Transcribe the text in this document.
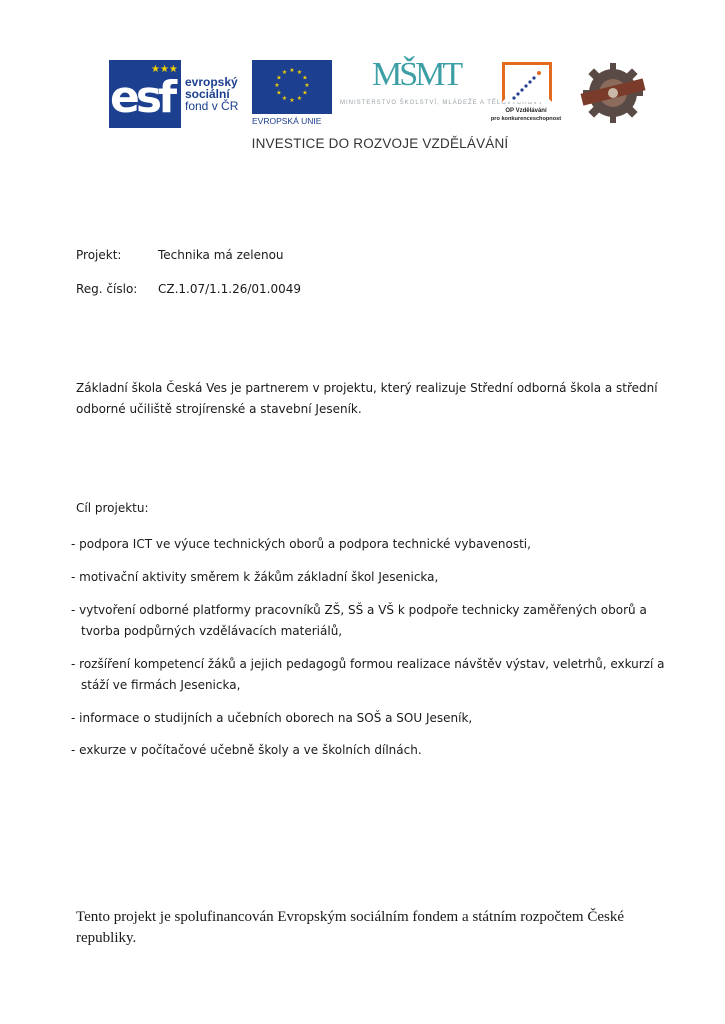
★★★
esf evropský
sociální
fond v ČR
★ ★
★
★
★
★
★
★
★
★
★
★
EVROPSKÁ UNIE
MŠMT
MINISTERSTVO ŠKOLSTVÍ, MLÁDEŽE A TĚLOVÝCHOVY
OP Vzdělávání
pro konkurenceschopnost
INVESTICE DO ROZVOJE VZDĚLÁVÁNÍ
Projekt:	Technika má zelenou
Reg. číslo: CZ.1.07/1.1.26/01.0049
Základní škola Česká Ves je partnerem v projektu, který realizuje Střední odborná škola a střední odborné učiliště strojírenské a stavební Jeseník.
Cíl projektu:
- podpora ICT ve výuce technických oborů a podpora technické vybavenosti,
- motivační aktivity směrem k žákům základní škol Jesenicka,
- vytvoření odborné platformy pracovníků ZŠ, SŠ a VŠ k podpoře technicky zaměřených oborů a
tvorba podpůrných vzdělávacích materiálů,
- rozšíření kompetencí žáků a jejich pedagogů formou realizace návštěv výstav, veletrhů, exkurzí a
stáží ve firmách Jesenicka,
- informace o studijních a učebních oborech na SOŠ a SOU Jeseník,
- exkurze v počítačové učebně školy a ve školních dílnách.
Tento projekt je spolufinancován Evropským sociálním fondem a státním rozpočtem České republiky.
